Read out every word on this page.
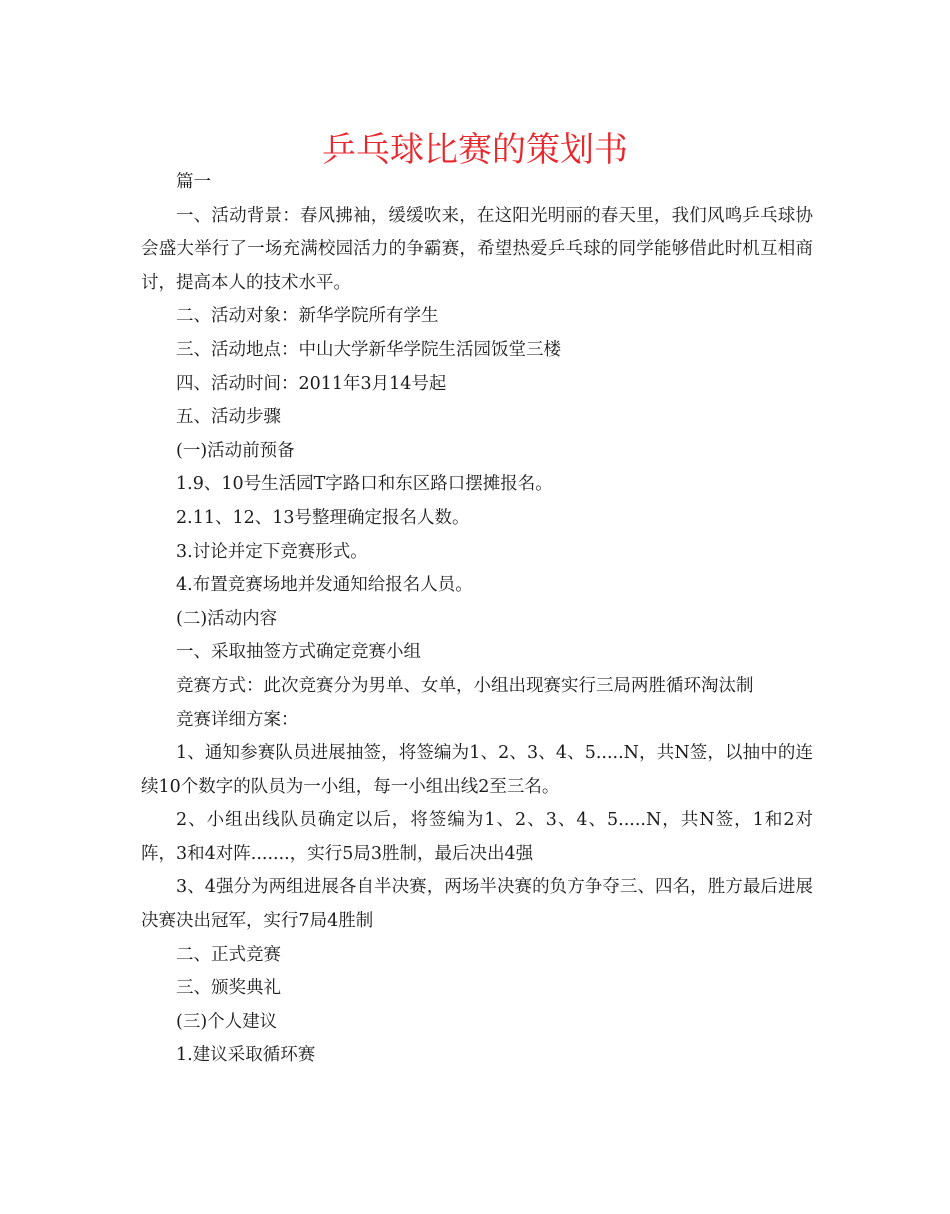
乒乓球比赛的策划书

篇一

一、活动背景：春风拂袖，缓缓吹来，在这阳光明丽的春天里，我们风鸣乒乓球协会盛大举行了一场充满校园活力的争霸赛，希望热爱乒乓球的同学能够借此时机互相商讨，提高本人的技术水平。

二、活动对象：新华学院所有学生

三、活动地点：中山大学新华学院生活园饭堂三楼

四、活动时间：2011年3月14号起

五、活动步骤

(一)活动前预备

1.9、10号生活园T字路口和东区路口摆摊报名。

2.11、12、13号整理确定报名人数。

3.讨论并定下竞赛形式。

4.布置竞赛场地并发通知给报名人员。

(二)活动内容

一、采取抽签方式确定竞赛小组

竞赛方式：此次竞赛分为男单、女单，小组出现赛实行三局两胜循环淘汰制

竞赛详细方案：

1、通知参赛队员进展抽签，将签编为1、2、3、4、5.....N，共N签，以抽中的连续10个数字的队员为一小组，每一小组出线2至三名。

2、小组出线队员确定以后，将签编为1、2、3、4、5.....N，共N签，1和2对阵，3和4对阵.......，实行5局3胜制，最后决出4强

3、4强分为两组进展各自半决赛，两场半决赛的负方争夺三、四名，胜方最后进展决赛决出冠军，实行7局4胜制

二、正式竞赛

三、颁奖典礼

(三)个人建议

1.建议采取循环赛
